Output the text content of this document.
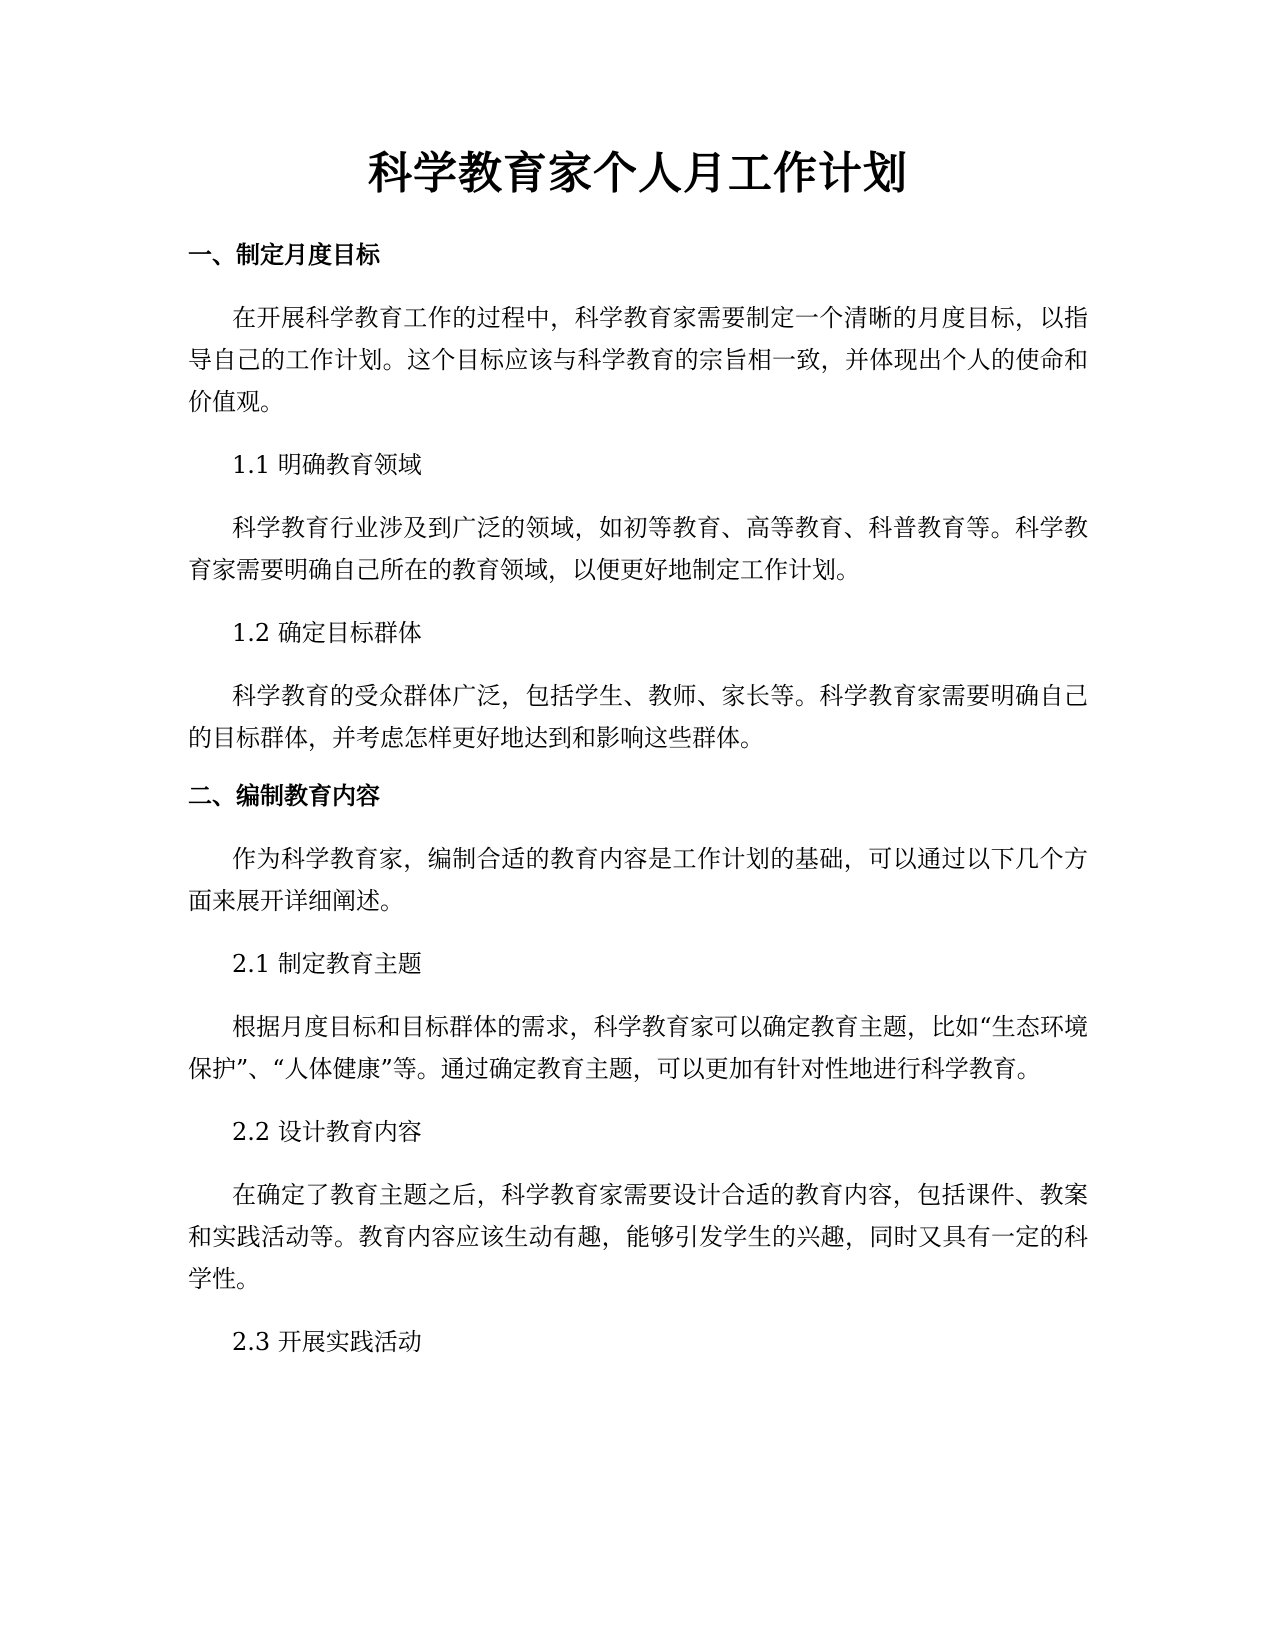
科学教育家个人月工作计划
一、制定月度目标

在开展科学教育工作的过程中，科学教育家需要制定一个清晰的月度目标，以指导自己的工作计划。这个目标应该与科学教育的宗旨相一致，并体现出个人的使命和价值观。

1.1 明确教育领域

科学教育行业涉及到广泛的领域，如初等教育、高等教育、科普教育等。科学教育家需要明确自己所在的教育领域，以便更好地制定工作计划。

1.2 确定目标群体

科学教育的受众群体广泛，包括学生、教师、家长等。科学教育家需要明确自己的目标群体，并考虑怎样更好地达到和影响这些群体。

二、编制教育内容

作为科学教育家，编制合适的教育内容是工作计划的基础，可以通过以下几个方面来展开详细阐述。

2.1 制定教育主题

根据月度目标和目标群体的需求，科学教育家可以确定教育主题，比如“生态环境保护”、“人体健康”等。通过确定教育主题，可以更加有针对性地进行科学教育。

2.2 设计教育内容

在确定了教育主题之后，科学教育家需要设计合适的教育内容，包括课件、教案和实践活动等。教育内容应该生动有趣，能够引发学生的兴趣，同时又具有一定的科学性。

2.3 开展实践活动
